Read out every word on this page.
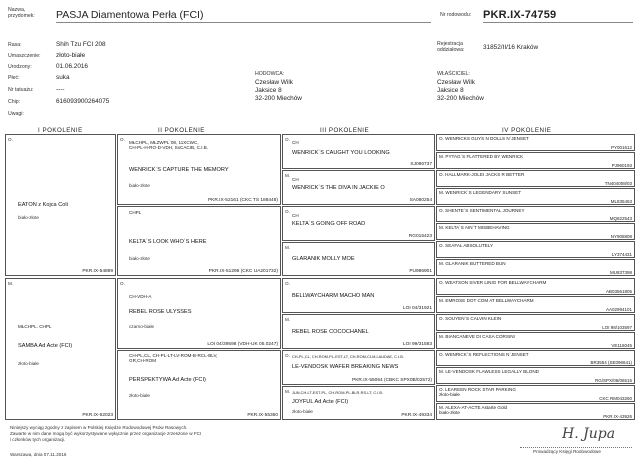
Nazwa,
przydomek: PASJA Diamentowa Perła (FCI)	Nr rodowodu: PKR.IX-74759
Rasa:	Shih Tzu FCI 208
Umaszczenie: złoto-białe
Urodzony:	01.06.2016
Płeć:	suka
Nr tatuażu:	----
Chip:	616093900264075
Uwagi:
HODOWCA:
Czesław Wilk
Jaksice 8
32-200 Miechów
Rejestracja
oddziałowa:	31852/II/16 Kraków
WŁAŚCICIEL:
Czesław Wilk
Jaksice 8
32-200 Miechów
I POKOLENIE	II POKOLENIE	III POKOLENIE	IV POKOLENIE
O.
EATON z Kojca Coli
biało-złote
PKR.IX-54899
M.
MŁCHPL. CHPL
SAMBA Ad Acte (FCI)
złoto-białe
PKR.IX-62023
O.
MŁCHPL, MŁZWPL`08, 11XCWC,
CH-PL-H-RO-D-VDH, SxCACIB, C.I.B.
WENRICK`S CAPTURE THE MEMORY
biało-złote
PKR.IX-52161 (CKC TS 188448)
CHPL
KELTA`S LOOK WHO`S HERE
biało-złote
PKR.IX-51295 (CKC UA201732)
O.
CH-VDH-A
REBEL ROSE ULYSSES
czarno-białe
LOI 04/39598 (VDH-UK 05.0247)
CH-PL,CL, CH-PL-LT-LV-ROM-B-RCL-BLV,
GR,CH-ROM
PERSPEKTYWA Ad Acte (FCI)
złoto-białe
PKR.IX-55360
O.
CH
WENRICK`S CAUGHT YOU LOOKING
SJ086737
M.
CH
WENRICK`S THE DIVA IN JACKIE O
SA080254
O.
CH
KELTA`S GOING OFF ROAD
RG015423
M.
GLARANIK MOLLY MOE
PU986901
O.
BELLWAYCHARM MACHO MAN
LOI 04/31921
M.
REBEL ROSE COCOCHANEL
LOI 99/31583
O. CH-PL,CL, CH-ROM-PL-EST-LT, CH-ROM-CLM,LAUDAE, C.I.B.
LE-VENDOSK WAFER BREAKING NEWS
PKR.IX-55064 (CBKC SPX0B/02572)
M. JUN.CH-LT-EST-PL, CH-ROM-PL-BLR-RS-LT, C.I.B.
JOYFUL Ad Acte (FCI)
złoto-białe
PKR.IX-49334
O. WENRICKS GUYS N DOLLS N`JENSET
PY001612
M. PYTAG`S FLATTERED BY WENRICK
PJ960193
O. HALLMARK-JOLEI JACKS R BETTER
TN404008/03
M. WENRICK`S LEGENDARY SUNSET
ML835463
O. SHENTE`S SENTIMENTAL JOURNEY
MQ822543
M. KELTA`S AIN`T MISBEHAVING
NY908808
O. SEAFAL ABSOLUTELY
LY374431
M. GLARANIK BUTTERED BUN
MU837398
O. WEATSON SIVER LINIG FOR BELLWAYCHARM
AB03561805
M. EMROSE DOT COM AT BELLWAYCHARM
AA02994101
O. SOUYEN`S CALVIN KLEIN
LOI 98/103597
M. BIANCANEVE DI CASA CORSINI
VE116045
O. WENRICK`S REFLECTIONS N`JENSET
BR3554 (SE096641)
M. LE-VENDOSK FLAWLESS LEGALLY BLOND
RG/SPX/06/06515
O. LEAREEN ROCK STAR PARKING
złoto-białe
CKC RM043260
M. ALEXA-AT-ACTE Astarte Gold
biało-złote
PKR.IX-43926
Niniejszy wyciąg zgodny z zapisem w Polskiej Księdze Rodowodowej Psów Rasowych.
Zawarte w nim dane mogą być wykorzystywane wyłącznie przez organizacje zrzeszone w FCI
i członków tych organizacji.
Warszawa, dnia 07.11.2016
H. Jupa
Prowadzący Księgi Rodowodowe
